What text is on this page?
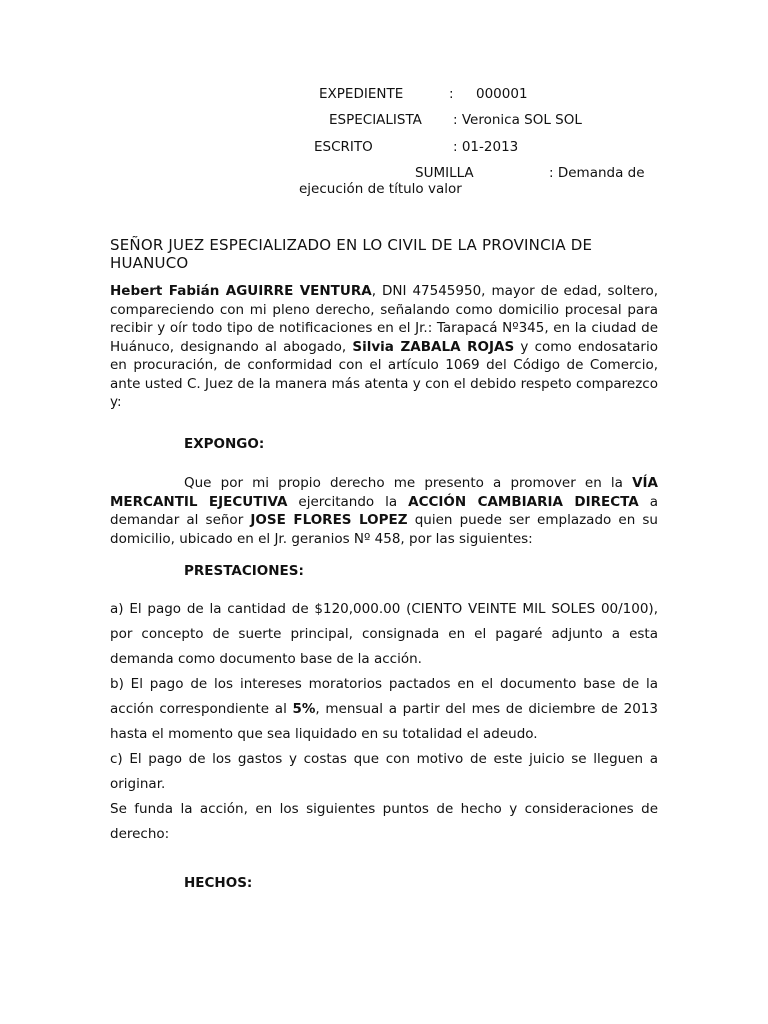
EXPEDIENTE	: 000001
ESPECIALISTA : Veronica SOL SOL
ESCRITO	: 01-2013
SUMILLA	: Demanda de
ejecución de título valor
SEÑOR JUEZ ESPECIALIZADO EN LO CIVIL DE LA PROVINCIA DE HUANUCO
Hebert Fabián AGUIRRE VENTURA, DNI 47545950, mayor de edad, soltero, compareciendo con mi pleno derecho, señalando como domicilio procesal para recibir y oír todo tipo de notificaciones en el Jr.: Tarapacá Nº345, en la ciudad de Huánuco, designando al abogado, Silvia ZABALA ROJAS y como endosatario en procuración, de conformidad con el artículo 1069 del Código de Comercio, ante usted C. Juez de la manera más atenta y con el debido respeto comparezco y:
EXPONGO:
Que por mi propio derecho me presento a promover en la VÍA MERCANTIL EJECUTIVA ejercitando la ACCIÓN CAMBIARIA DIRECTA a demandar al señor JOSE FLORES LOPEZ quien puede ser emplazado en su domicilio, ubicado en el Jr. geranios Nº 458, por las siguientes:
PRESTACIONES:
a) El pago de la cantidad de $120,000.00 (CIENTO VEINTE MIL SOLES 00/100), por concepto de suerte principal, consignada en el pagaré adjunto a esta demanda como documento base de la acción.
b) El pago de los intereses moratorios pactados en el documento base de la acción correspondiente al 5%, mensual a partir del mes de diciembre de 2013 hasta el momento que sea liquidado en su totalidad el adeudo.
c) El pago de los gastos y costas que con motivo de este juicio se lleguen a originar.
Se funda la acción, en los siguientes puntos de hecho y consideraciones de derecho:
HECHOS:
